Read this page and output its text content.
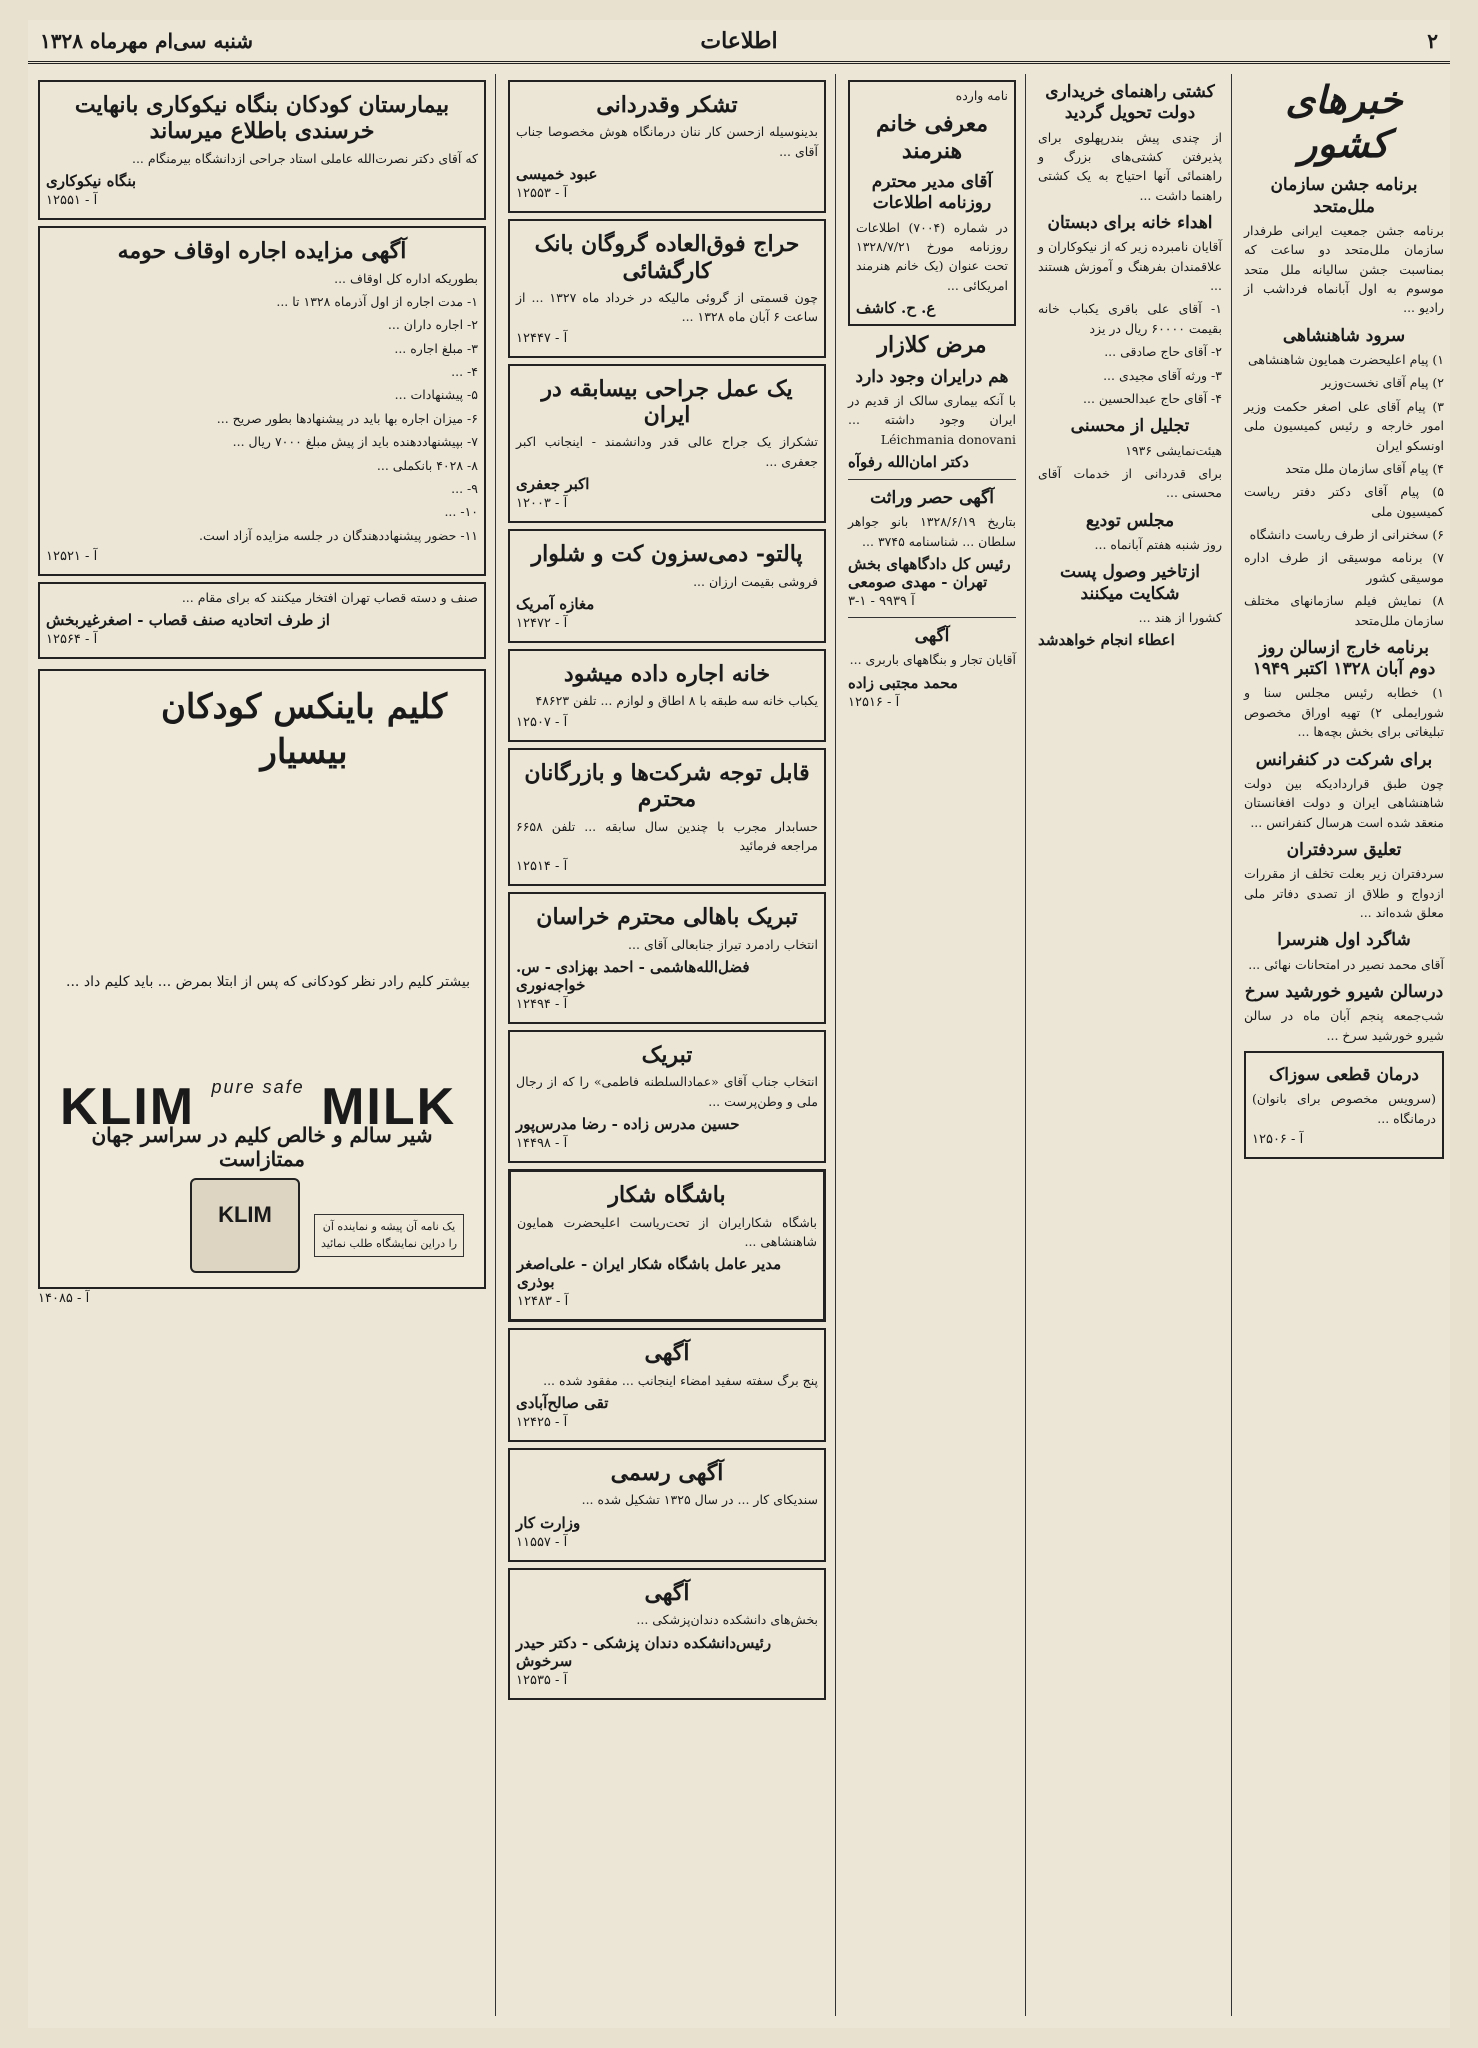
۲
اطلاعات
شنبه سی‌ام مهرماه ۱۳۲۸
خبرهای کشور
برنامه جشن سازمان ملل‌متحد

برنامه جشن جمعیت ایرانی طرفدار سازمان ملل‌متحد دو ساعت که بمناسبت جشن سالیانه ملل متحد موسوم به اول آبانماه فرداشب از رادیو ...

سرود شاهنشاهی

۱) پیام اعلیحضرت همایون شاهنشاهی

۲) پیام آقای نخست‌وزیر

۳) پیام آقای علی اصغر حکمت وزیر امور خارجه و رئیس کمیسیون ملی اونسکو ایران

۴) پیام آقای سازمان ملل متحد

۵) پیام آقای دکتر دفتر ریاست کمیسیون ملی

۶) سخنرانی از طرف ریاست دانشگاه

۷) برنامه موسیقی از طرف اداره موسیقی کشور

۸) نمایش فیلم سازمانهای مختلف سازمان ملل‌متحد

برنامه خارج ازسالن روز دوم آبان ۱۳۲۸ اکتبر ۱۹۴۹

۱) خطابه رئیس مجلس سنا و شورایملی ۲) تهیه اوراق مخصوص تبلیغاتی برای بخش بچه‌ها ...

برای شرکت در کنفرانس

چون طبق قراردادیکه بین دولت شاهنشاهی ایران و دولت افغانستان منعقد شده است هرسال کنفرانس ...

تعلیق سردفتران

سردفتران زیر بعلت تخلف از مقررات ازدواج و طلاق از تصدی دفاتر ملی معلق شده‌اند ...

شاگرد اول هنرسرا

آقای محمد نصیر در امتحانات نهائی ...

درسالن شیرو خورشید سرخ

شب‌جمعه پنجم آبان ماه در سالن شیرو خورشید سرخ ...

درمان قطعی سوزاک

(سرویس مخصوص برای بانوان) درمانگاه ...

۱۲۵۰۶ - آ
کشتی راهنمای خریداری دولت تحویل گردید

از چندی پیش بندرپهلوی برای پذیرفتن کشتی‌های بزرگ و راهنمائی آنها احتیاج به یک کشتی راهنما داشت ...

اهداء خانه برای دبستان

آقایان نامبرده زیر که از نیکوکاران و علاقمندان بفرهنگ و آموزش هستند ...

۱- آقای علی باقری یکباب خانه بقیمت ۶۰۰۰۰ ریال در یزد

۲- آقای حاج صادقی ...

۳- ورثه آقای مجیدی ...

۴- آقای حاج عبدالحسین ...

تجلیل از محسنی

هیئت‌نمایشی ۱۹۳۶

برای قدردانی از خدمات آقای محسنی ...

مجلس توديع

روز شنبه هفتم آبانماه ...

ازتاخیر وصول پست شکایت میکنند

کشورا از هند ...

اعطاء انجام خواهدشد

نامه وارده

معرفی خانم هنرمند
آقای مدیر محترم روزنامه اطلاعات

در شماره (۷۰۰۴) اطلاعات روزنامه مورخ ۱۳۲۸/۷/۲۱ تحت عنوان (یک خانم هنرمند امریکائی ...

ع. ح. کاشف
مرض کلازار
هم درایران وجود دارد

با آنکه بیماری سالک از قدیم در ایران وجود داشته ... Léichmania donovani

دکتر امان‌الله رفوآه
آگهی حصر وراثت

بتاریخ ۱۳۲۸/۶/۱۹ بانو جواهر سلطان ... شناسنامه ۳۷۴۵ ...

رئیس کل دادگاههای بخش تهران - مهدی صومعی
۳-۱ - ۹۹۳۹ آ
آگهی

آقایان تجار و بنگاههای باربری ...

محمد مجتبی زاده
آ - ۱۲۵۱۶
تشکر وقدردانی

بدینوسیله ازحسن کار ننان درمانگاه هوش مخصوصا جناب آقای ...

عبود خمیسی
آ - ۱۲۵۵۳
حراج فوق‌العاده گروگان بانک کارگشائی

چون قسمتی از گروئی مالیکه در خرداد ماه ۱۳۲۷ ... از ساعت ۶ آبان ماه ۱۳۲۸ ...

آ - ۱۲۴۴۷
یک عمل جراحی بیسابقه در ایران

تشکراز یک جراح عالی قدر ودانشمند - اینجانب اکبر جعفری ...

اکبر جعفری
آ - ۱۲۰۰۳
پالتو- دمی‌سزون کت و شلوار

فروشی بقیمت ارزان ...

مغازه آمریک
آ - ۱۲۴۷۲
خانه اجاره داده میشود

یکباب خانه سه طبقه با ۸ اطاق و لوازم ... تلفن ۴۸۶۲۳

آ - ۱۲۵۰۷
قابل توجه شرکت‌ها و بازرگانان محترم

حسابدار مجرب با چندین سال سابقه ... تلفن ۶۶۵۸ مراجعه فرمائید

آ - ۱۲۵۱۴
تبریک باهالی محترم خراسان

انتخاب رادمرد تیراز جنابعالی آقای ...

فضل‌الله‌هاشمی - احمد بهزادی - س. خواجه‌نوری
آ - ۱۲۴۹۴
تبریک

انتخاب جناب آقای «عمادالسلطنه فاطمی» را که از رجال ملی و وطن‌پرست ...

حسین مدرس زاده - رضا مدرس‌پور
آ - ۱۴۴۹۸
باشگاه شکار

باشگاه شکارایران از تحت‌ریاست اعلیحضرت همایون شاهنشاهی ...

مدیر عامل باشگاه شکار ایران - علی‌اصغر بوذری
آ - ۱۲۴۸۳
آگهی

پنج برگ سفته سفید امضاء اینجانب ... مفقود شده ...

تقی صالح‌آبادی
آ - ۱۲۴۲۵
آگهی رسمی

سندیکای کار ... در سال ۱۳۲۵ تشکیل شده ...

وزارت کار
آ - ۱۱۵۵۷
آگهی

بخش‌های دانشکده دندان‌پزشکی ...

رئیس‌دانشکده دندان پزشکی - دکتر حیدر سرخوش
آ - ۱۲۵۳۵
بیمارستان کودکان بنگاه نیکوکاری بانهایت خرسندی باطلاع میرساند

که آقای دکتر نصرت‌الله عاملی استاد جراحی ازدانشگاه بیرمنگام ...

بنگاه نیکوکاری
آ - ۱۲۵۵۱
آگهی مزایده اجاره اوقاف حومه

بطوریکه اداره کل اوقاف ...

۱- مدت اجاره از اول آذرماه ۱۳۲۸ تا ...

۲- اجاره داران ...

۳- مبلغ اجاره ...

۴- ...

۵- پیشنهادات ...

۶- میزان اجاره بها باید در پیشنهادها بطور صریح ...

۷- بپیشنهاددهنده باید از پیش مبلغ ۷۰۰۰ ریال ...

۸- ۴۰۲۸ بانکملی ...

۹- ...

۱۰- ...

۱۱- حضور پیشنهاددهندگان در جلسه مزایده آزاد است.

آ - ۱۲۵۲۱

صنف و دسته قصاب تهران افتخار میکنند که برای مقام ...

از طرف اتحادیه صنف قصاب - اصغرغیربخش
آ - ۱۲۵۶۴
کلیم باینکس کودکان بیسیار
بیشتر کلیم رادر نظر کودکانی که پس از ابتلا بمرض ... باید کلیم داد ...
KLIM $^{pure safe}$ MILK
شیر سالم و خالص کلیم در سراسر جهان ممتازاست
KLIM	یک نامه آن پیشه و نماینده آن را دراین نمایشگاه طلب نمائید
آ - ۱۴۰۸۵
